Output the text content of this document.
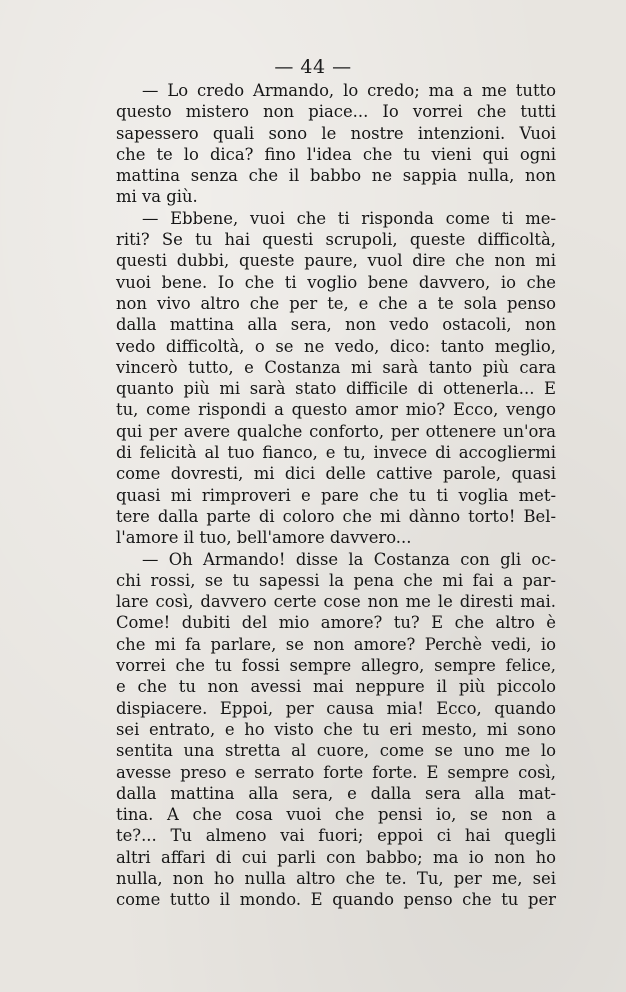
— 44 —
— Lo credo Armando, lo credo; ma a me tutto
questo mistero non piace... Io vorrei che tutti
sapessero quali sono le nostre intenzioni. Vuoi
che te lo dica? fino l'idea che tu vieni qui ogni
mattina senza che il babbo ne sappia nulla, non
mi va giù.
— Ebbene, vuoi che ti risponda come ti me-
riti? Se tu hai questi scrupoli, queste difficoltà,
questi dubbi, queste paure, vuol dire che non mi
vuoi bene. Io che ti voglio bene davvero, io che
non vivo altro che per te, e che a te sola penso
dalla mattina alla sera, non vedo ostacoli, non
vedo difficoltà, o se ne vedo, dico: tanto meglio,
vincerò tutto, e Costanza mi sarà tanto più cara
quanto più mi sarà stato difficile di ottenerla... E
tu, come rispondi a questo amor mio? Ecco, vengo
qui per avere qualche conforto, per ottenere un'ora
di felicità al tuo fianco, e tu, invece di accogliermi
come dovresti, mi dici delle cattive parole, quasi
quasi mi rimproveri e pare che tu ti voglia met-
tere dalla parte di coloro che mi dànno torto! Bel-
l'amore il tuo, bell'amore davvero...
— Oh Armando! disse la Costanza con gli oc-
chi rossi, se tu sapessi la pena che mi fai a par-
lare così, davvero certe cose non me le diresti mai.
Come! dubiti del mio amore? tu? E che altro è
che mi fa parlare, se non amore? Perchè vedi, io
vorrei che tu fossi sempre allegro, sempre felice,
e che tu non avessi mai neppure il più piccolo
dispiacere. Eppoi, per causa mia! Ecco, quando
sei entrato, e ho visto che tu eri mesto, mi sono
sentita una stretta al cuore, come se uno me lo
avesse preso e serrato forte forte. E sempre così,
dalla mattina alla sera, e dalla sera alla mat-
tina. A che cosa vuoi che pensi io, se non a
te?... Tu almeno vai fuori; eppoi ci hai quegli
altri affari di cui parli con babbo; ma io non ho
nulla, non ho nulla altro che te. Tu, per me, sei
come tutto il mondo. E quando penso che tu per
